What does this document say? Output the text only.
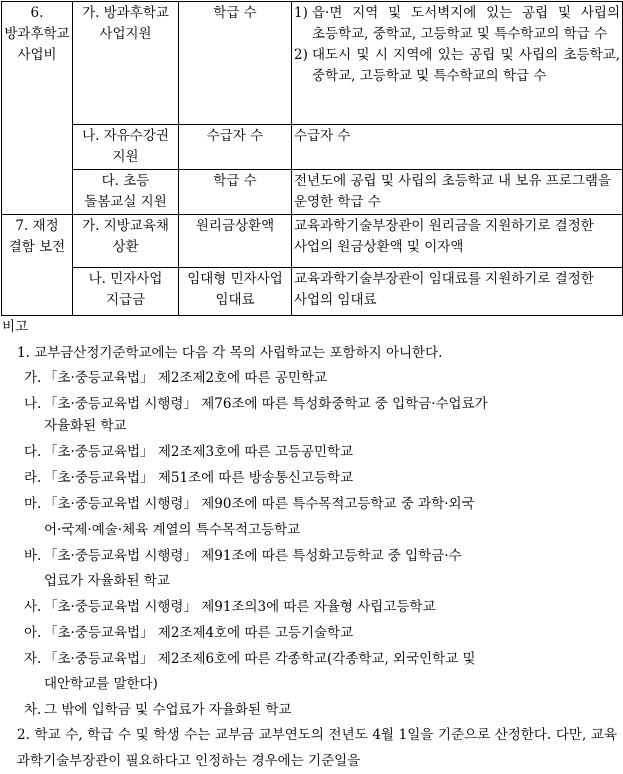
6. 방과후학교 사업비	가. 방과후학교 사업지원	학급 수	1) 읍·면 지역 및 도서벽지에 있는 공립 및 사립의 초등학교, 중학교, 고등학교 및 특수학교의 학급 수
2) 대도시 및 시 지역에 있는 공립 및 사립의 초등학교, 중학교, 고등학교 및 특수학교의 학급 수

	나. 자유수강권 지원	수급자 수	수급자 수
	다. 초등 돌봄교실 지원	학급 수	전년도에 공립 및 사립의 초등학교 내 보유 프로그램을 운영한 학급 수
7. 재정 결함 보전	가. 지방교육채 상환	원리금상환액	교육과학기술부장관이 원리금을 지원하기로 결정한 사업의 원금상환액 및 이자액
	나. 민자사업 지급금	임대형 민자사업 임대료	교육과학기술부장관이 임대료를 지원하기로 결정한 사업의 임대료
비고
1. 교부금산정기준학교에는 다음 각 목의 사립학교는 포함하지 아니한다.
가. 「초·중등교육법」 제2조제2호에 따른 공민학교
나. 「초·중등교육법 시행령」 제76조에 따른 특성화중학교 중 입학금·수업료가
자율화된 학교
다. 「초·중등교육법」 제2조제3호에 따른 고등공민학교
라. 「초·중등교육법」 제51조에 따른 방송통신고등학교
마. 「초·중등교육법 시행령」 제90조에 따른 특수목적고등학교 중 과학·외국
어·국제·예술·체육 계열의 특수목적고등학교
바. 「초·중등교육법 시행령」 제91조에 따른 특성화고등학교 중 입학금·수
업료가 자율화된 학교
사. 「초·중등교육법 시행령」 제91조의3에 따른 자율형 사립고등학교
아. 「초·중등교육법」 제2조제4호에 따른 고등기술학교
자. 「초·중등교육법」 제2조제6호에 따른 각종학교(각종학교, 외국인학교 및
대안학교를 말한다)
차. 그 밖에 입학금 및 수업료가 자율화된 학교
2. 학교 수, 학급 수 및 학생 수는 교부금 교부연도의 전년도 4월 1일을 기준으로 산정한다. 다만, 교육과학기술부장관이 필요하다고 인정하는 경우에는 기준일을
